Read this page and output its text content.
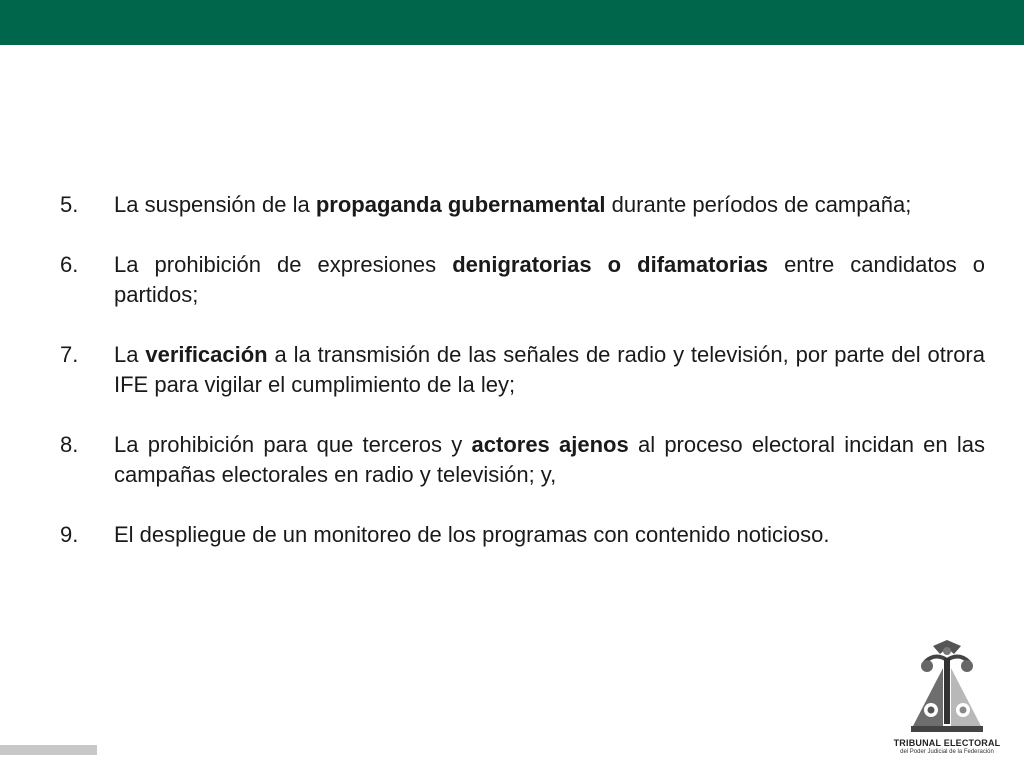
5.	La suspensión de la propaganda gubernamental durante períodos de campaña;
6.	La prohibición de expresiones denigratorias o difamatorias entre candidatos o partidos;
7.	La verificación a la transmisión de las señales de radio y televisión, por parte del otrora IFE para vigilar el cumplimiento de la ley;
8.	La prohibición para que terceros y actores ajenos al proceso electoral incidan en las campañas electorales en radio y televisión; y,
9.	El despliegue de un monitoreo de los programas con contenido noticioso.
TRIBUNAL ELECTORAL
del Poder Judicial de la Federación
